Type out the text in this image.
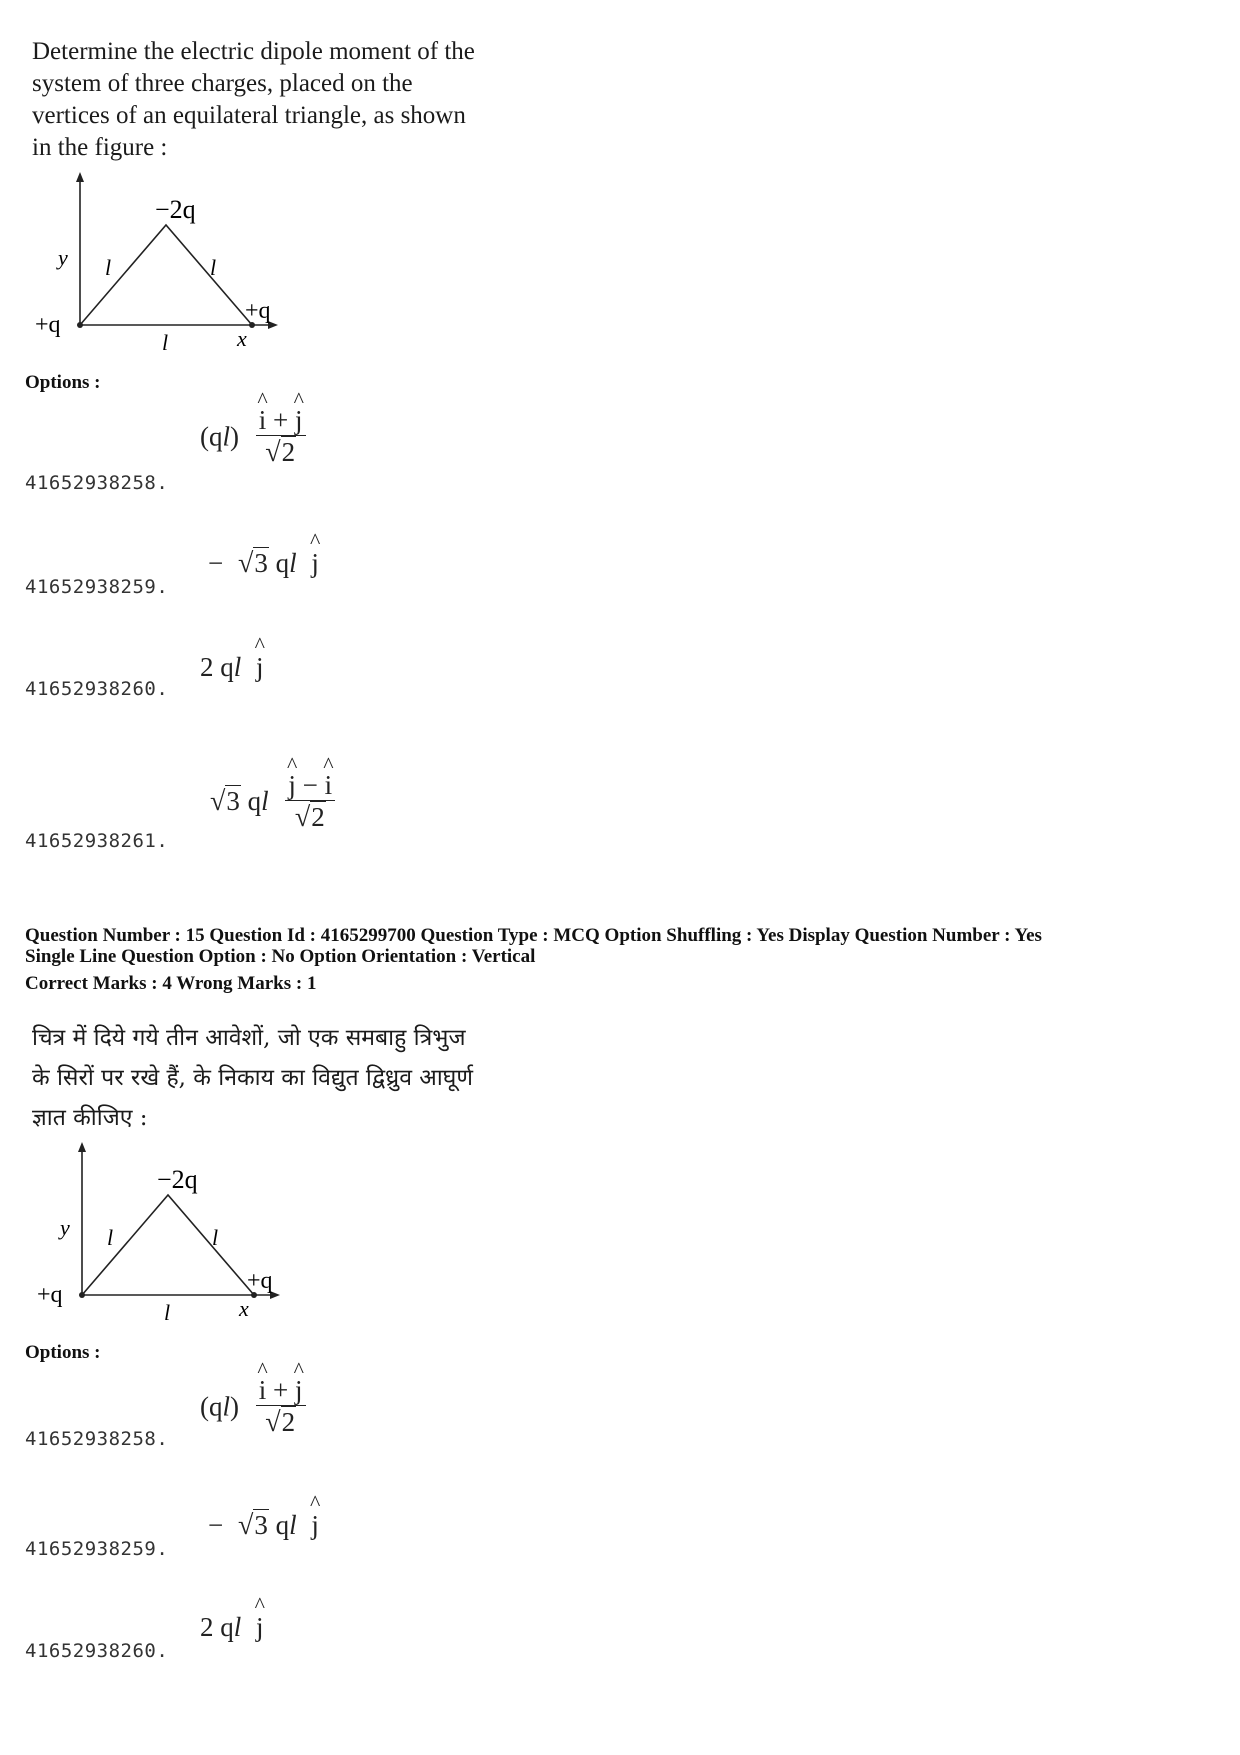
Determine the electric dipole moment of the
system of three charges, placed on the
vertices of an equilateral triangle, as shown
in the figure :
−2q
+q
+q
l	l
l
y
x
Options :
(ql) ^ $\frac{i + \^{} j}{√2}$
41652938258.
− √3 ql ^ j
41652938259.
2 ql ^ j
41652938260.
√3 ql ^ $\frac{j - \^{} i}{√2}$
41652938261.
Question Number : 15 Question Id : 4165299700 Question Type : MCQ Option Shuffling : Yes Display Question Number : Yes
Single Line Question Option : No Option Orientation : Vertical
Correct Marks : 4 Wrong Marks : 1
चित्र में दिये गये तीन आवेशों, जो एक समबाहु त्रिभुज
के सिरों पर रखे हैं, के निकाय का विद्युत द्विध्रुव आघूर्ण
ज्ञात कीजिए :
−2q
+q
+q
l	l
l
y
x
Options :
(ql) ^ $\frac{i + \^{} j}{√2}$
41652938258.
− √3 ql ^ j
41652938259.
2 ql ^ j
41652938260.
